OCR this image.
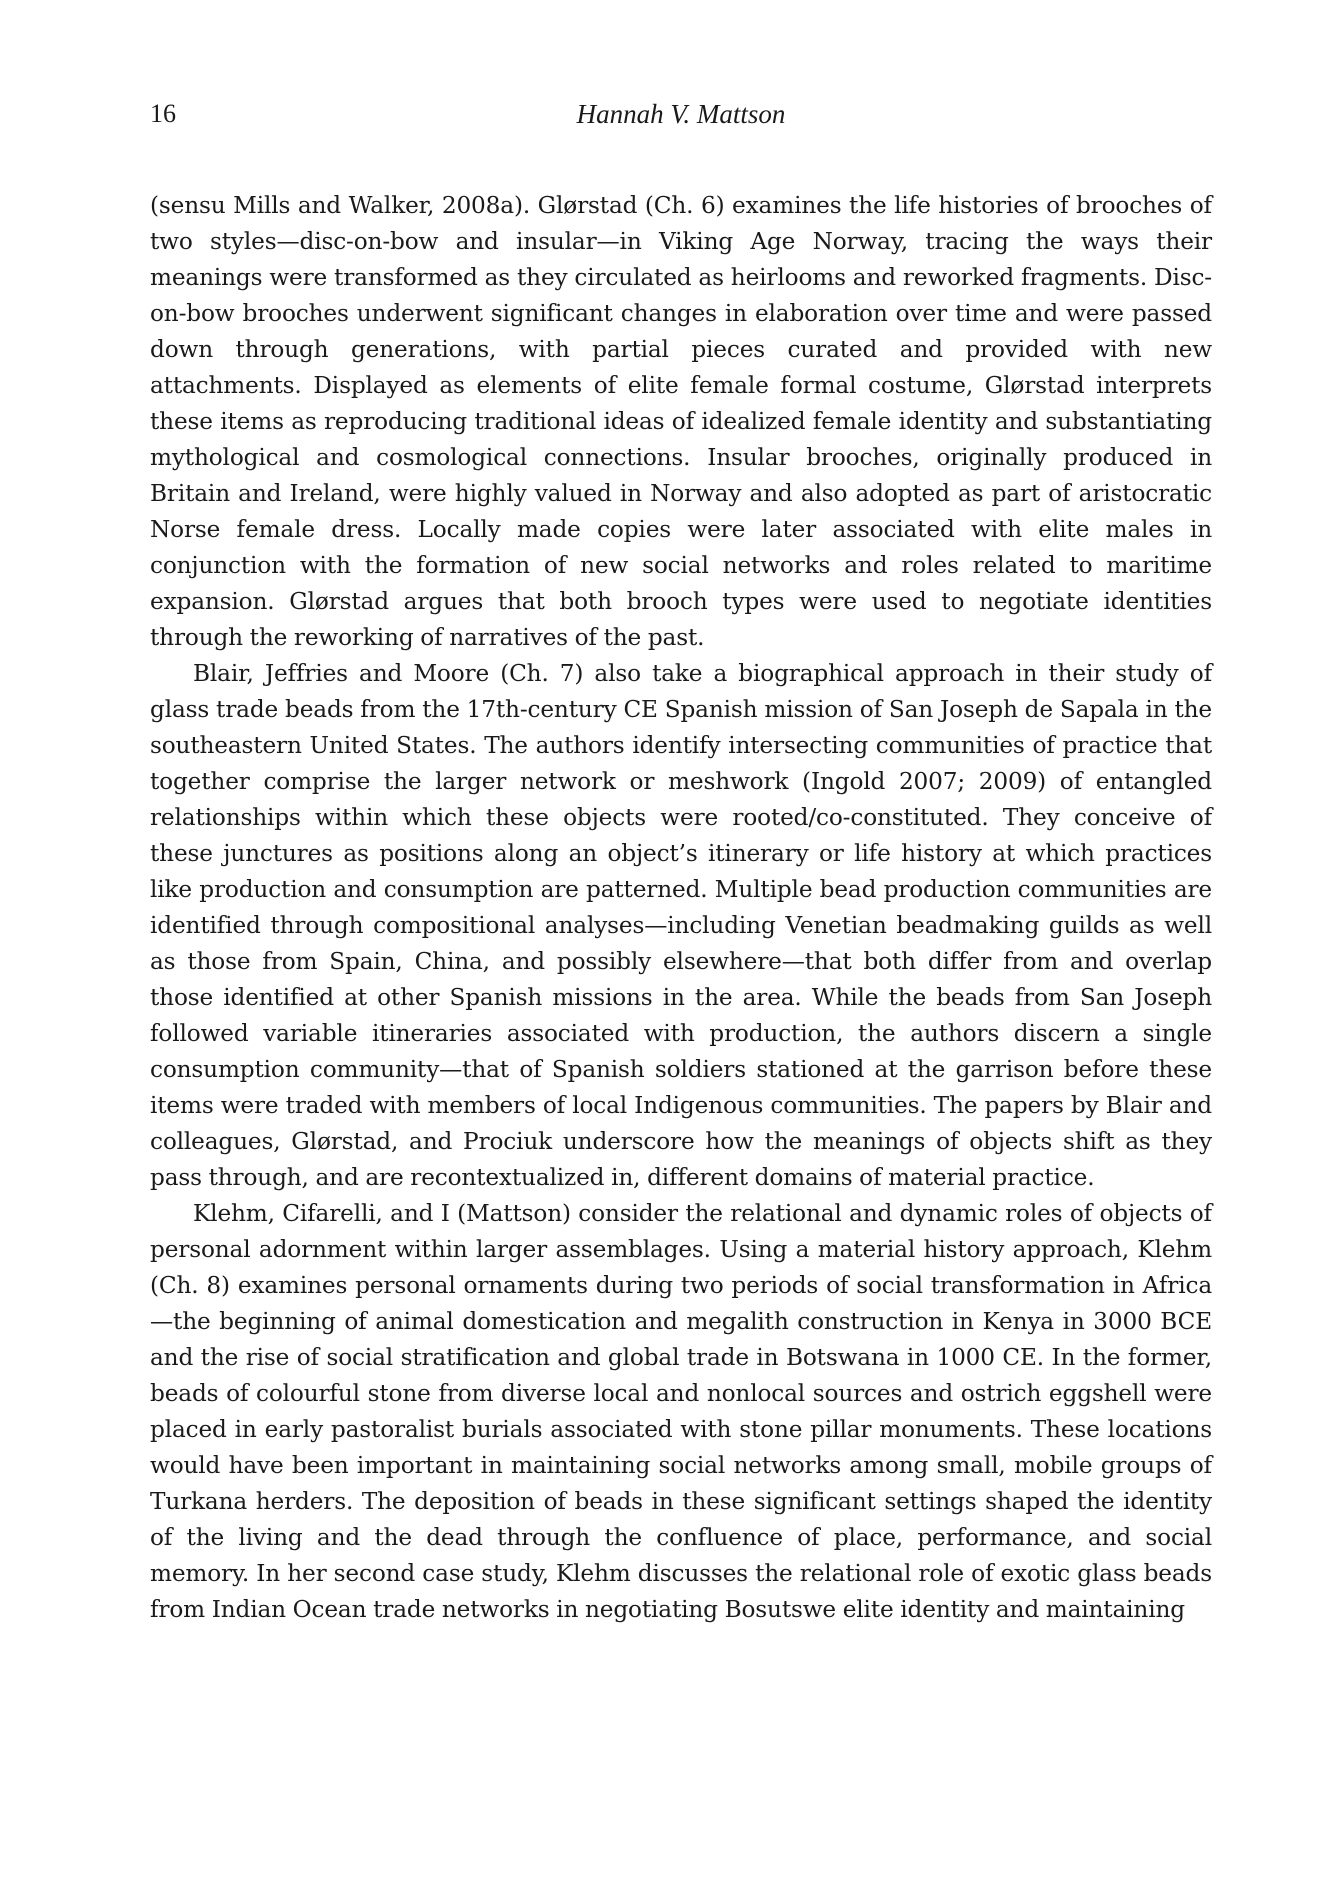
16	Hannah V. Mattson

(sensu Mills and Walker, 2008a). Glørstad (Ch. 6) examines the life histories of brooches of two styles—disc-on-bow and insular—in Viking Age Norway, tracing the ways their meanings were transformed as they circulated as heirlooms and reworked fragments. Disc-on-bow brooches underwent significant changes in elaboration over time and were passed down through generations, with partial pieces curated and provided with new attachments. Displayed as elements of elite female formal costume, Glørstad interprets these items as reproducing traditional ideas of idealized female identity and substantiating mythological and cosmological connections. Insular brooches, originally produced in Britain and Ireland, were highly valued in Norway and also adopted as part of aristocratic Norse female dress. Locally made copies were later associated with elite males in conjunction with the formation of new social networks and roles related to maritime expansion. Glørstad argues that both brooch types were used to negotiate identities through the reworking of narratives of the past.

Blair, Jeffries and Moore (Ch. 7) also take a biographical approach in their study of glass trade beads from the 17th-century CE Spanish mission of San Joseph de Sapala in the southeastern United States. The authors identify intersecting communities of practice that together comprise the larger network or meshwork (Ingold 2007; 2009) of entangled relationships within which these objects were rooted/co-constituted. They conceive of these junctures as positions along an object’s itinerary or life history at which practices like production and consumption are patterned. Multiple bead production communities are identified through compositional analyses—including Venetian beadmaking guilds as well as those from Spain, China, and possibly elsewhere—that both differ from and overlap those identified at other Spanish missions in the area. While the beads from San Joseph followed variable itineraries associated with production, the authors discern a single consumption community—that of Spanish soldiers stationed at the garrison before these items were traded with members of local Indigenous communities. The papers by Blair and colleagues, Glørstad, and Prociuk underscore how the meanings of objects shift as they pass through, and are recontextualized in, different domains of material practice.

Klehm, Cifarelli, and I (Mattson) consider the relational and dynamic roles of objects of personal adornment within larger assemblages. Using a material history approach, Klehm (Ch. 8) examines personal ornaments during two periods of social transformation in Africa—the beginning of animal domestication and megalith construction in Kenya in 3000 BCE and the rise of social stratification and global trade in Botswana in 1000 CE. In the former, beads of colourful stone from diverse local and nonlocal sources and ostrich eggshell were placed in early pastoralist burials associated with stone pillar monuments. These locations would have been important in maintaining social networks among small, mobile groups of Turkana herders. The deposition of beads in these significant settings shaped the identity of the living and the dead through the confluence of place, performance, and social memory. In her second case study, Klehm discusses the relational role of exotic glass beads from Indian Ocean trade networks in negotiating Bosutswe elite identity and maintaining
